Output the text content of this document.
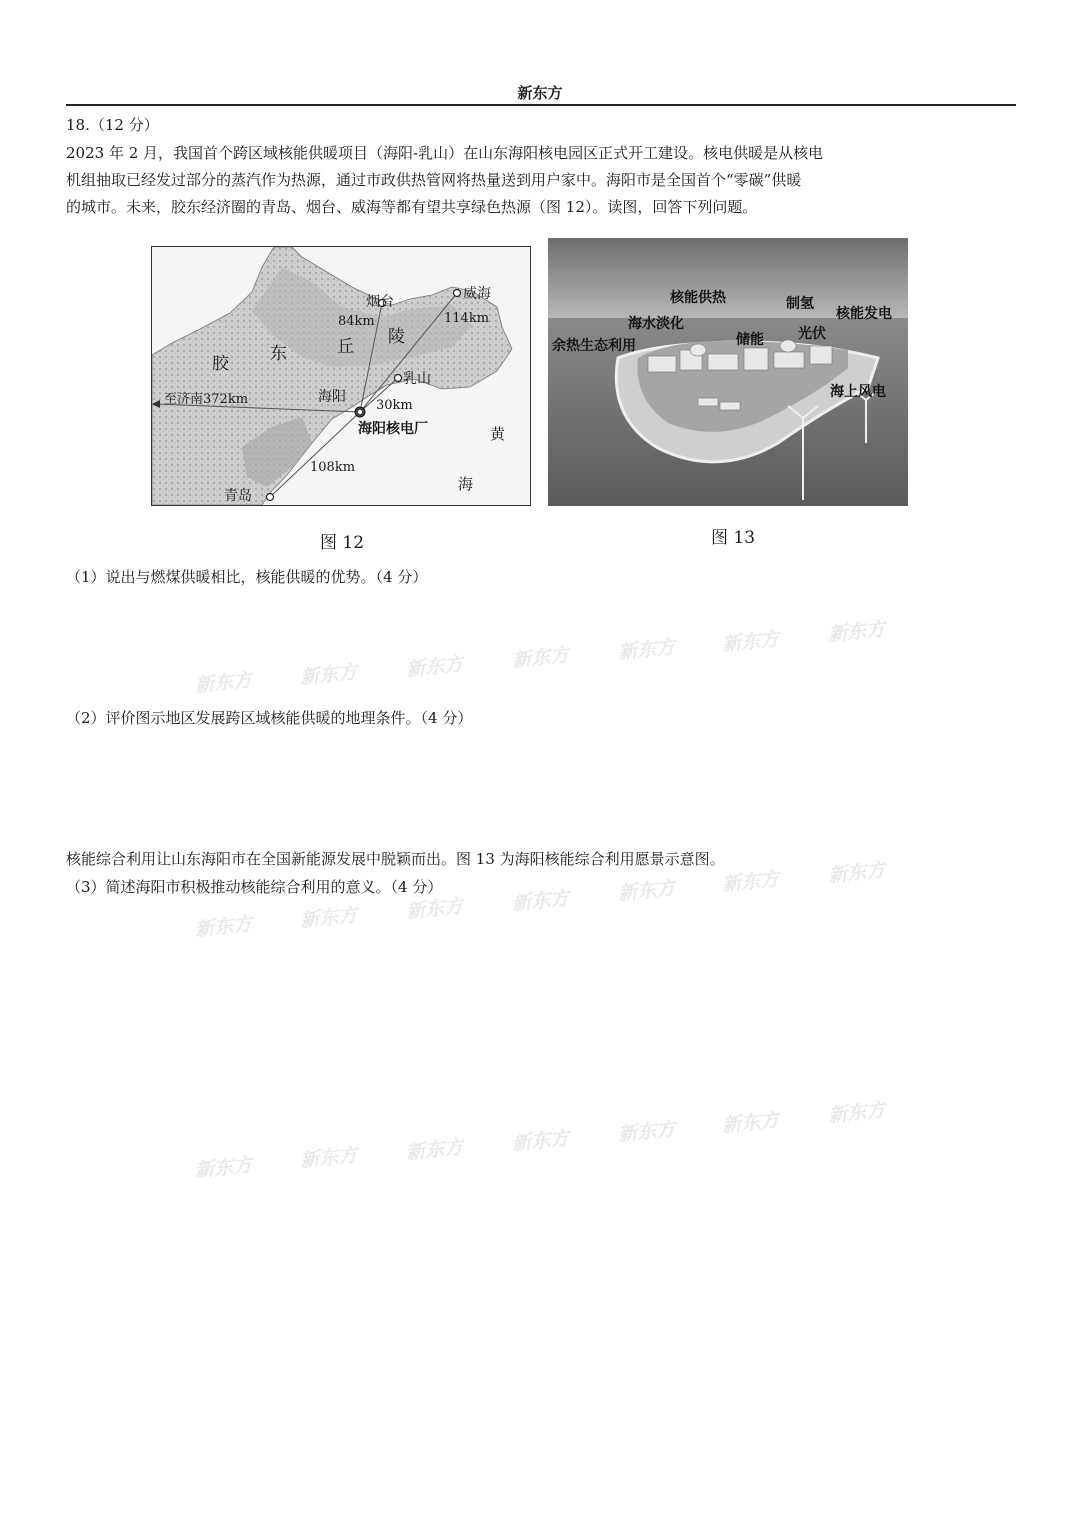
新东方
18.（12 分）

2023 年 2 月，我国首个跨区域核能供暖项目（海阳-乳山）在山东海阳核电园区正式开工建设。核电供暖是从核电

机组抽取已经发过部分的蒸汽作为热源，通过市政供热管网将热量送到用户家中。海阳市是全国首个“零碳”供暖

的城市。未来，胶东经济圈的青岛、烟台、威海等都有望共享绿色热源（图 12）。读图，回答下列问题。

胶 东	丘 陵
烟台
84km
威海
114km
乳山
30km
海阳
海阳核电厂
至济南372km
青岛
108km
黄
海
图 12
核能供热	制氢
核能发电
海水淡化
储能 光伏
余热生态利用
海上风电
图 13
（1）说出与燃煤供暖相比，核能供暖的优势。（4 分）
（2）评价图示地区发展跨区域核能供暖的地理条件。（4 分）
核能综合利用让山东海阳市在全国新能源发展中脱颖而出。图 13 为海阳核能综合利用愿景示意图。
（3）简述海阳市积极推动核能综合利用的意义。（4 分）
新东方 新东方 新东方 新东方 新东方 新东方 新东方
新东方 新东方 新东方 新东方 新东方 新东方 新东方
新东方 新东方 新东方 新东方 新东方 新东方 新东方
